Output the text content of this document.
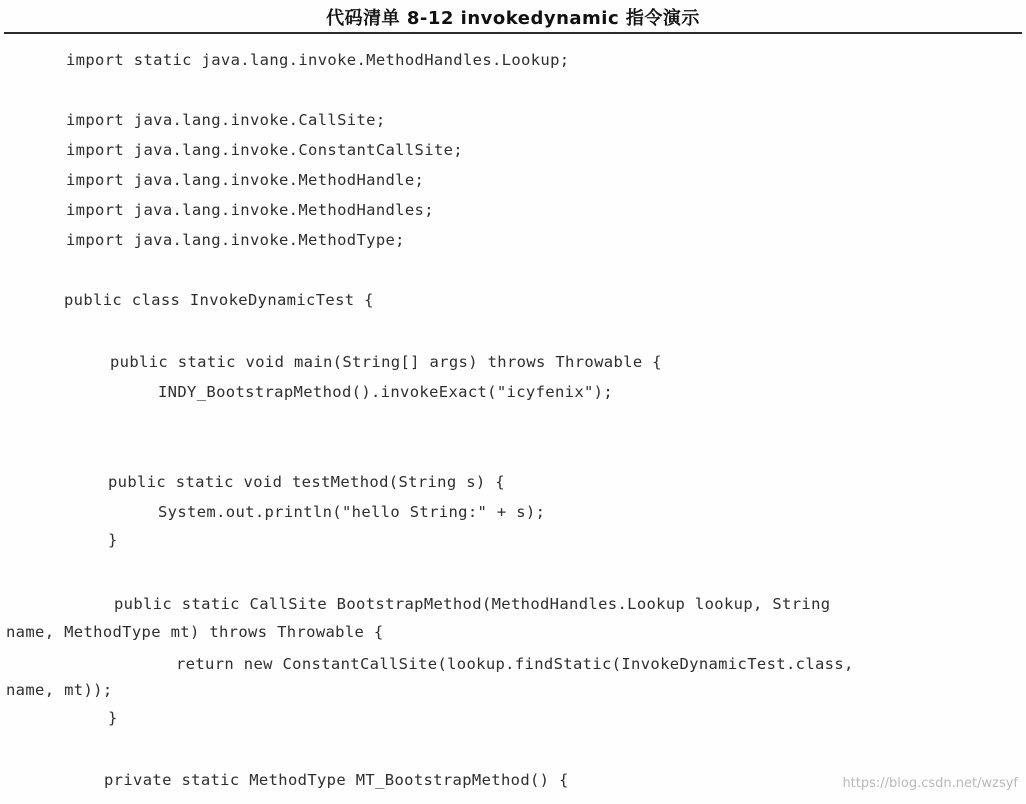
代码清单 8-12 invokedynamic 指令演示
import static java.lang.invoke.MethodHandles.Lookup;
import java.lang.invoke.CallSite;
import java.lang.invoke.ConstantCallSite;
import java.lang.invoke.MethodHandle;
import java.lang.invoke.MethodHandles;
import java.lang.invoke.MethodType;
public class InvokeDynamicTest {
public static void main(String[] args) throws Throwable {
INDY_BootstrapMethod().invokeExact("icyfenix");
public static void testMethod(String s) {
System.out.println("hello String:" + s);
}
public static CallSite BootstrapMethod(MethodHandles.Lookup lookup, String
name, MethodType mt) throws Throwable {
return new ConstantCallSite(lookup.findStatic(InvokeDynamicTest.class,
name, mt));
}
private static MethodType MT_BootstrapMethod() {	https://blog.csdn.net/wzsyf
